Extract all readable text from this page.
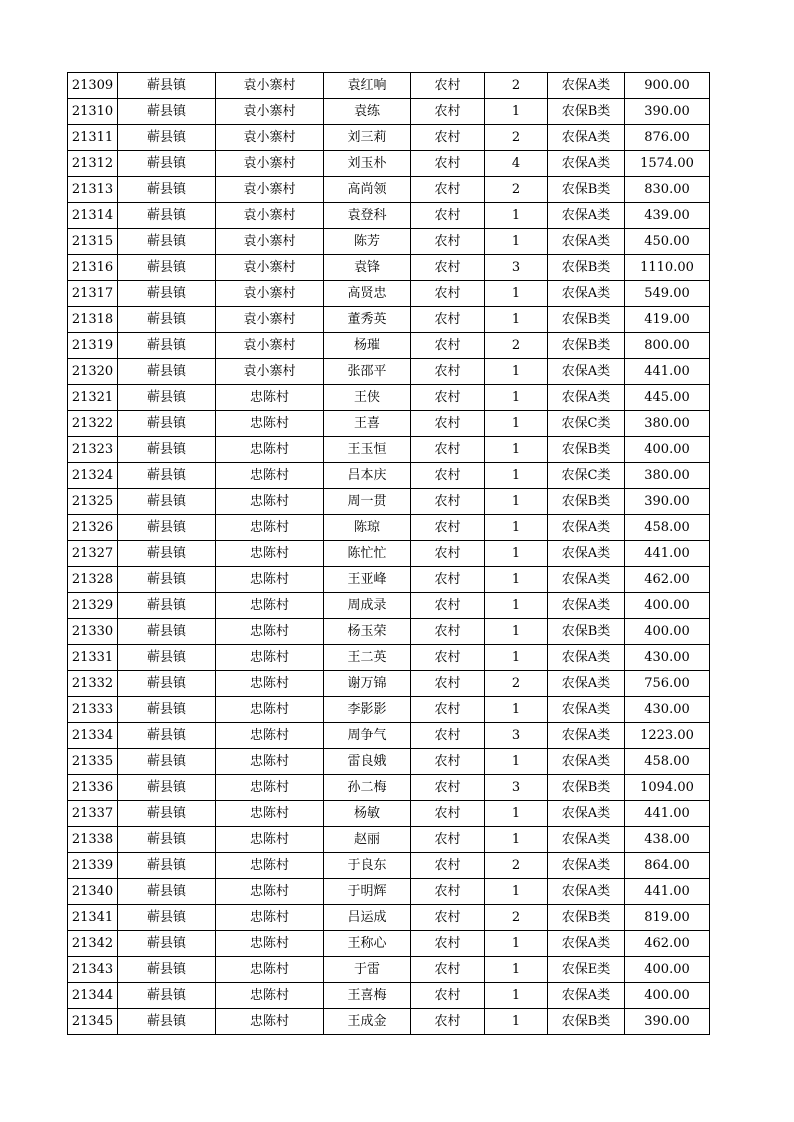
21309	蕲县镇	袁小寨村	袁红响	农村	2	农保A类	900.00
21310	蕲县镇	袁小寨村	袁练	农村	1	农保B类	390.00
21311	蕲县镇	袁小寨村	刘三莉	农村	2	农保A类	876.00
21312	蕲县镇	袁小寨村	刘玉朴	农村	4	农保A类	1574.00
21313	蕲县镇	袁小寨村	高尚领	农村	2	农保B类	830.00
21314	蕲县镇	袁小寨村	袁登科	农村	1	农保A类	439.00
21315	蕲县镇	袁小寨村	陈芳	农村	1	农保A类	450.00
21316	蕲县镇	袁小寨村	袁锋	农村	3	农保B类	1110.00
21317	蕲县镇	袁小寨村	高贤忠	农村	1	农保A类	549.00
21318	蕲县镇	袁小寨村	董秀英	农村	1	农保B类	419.00
21319	蕲县镇	袁小寨村	杨璀	农村	2	农保B类	800.00
21320	蕲县镇	袁小寨村	张邵平	农村	1	农保A类	441.00
21321	蕲县镇	忠陈村	王侠	农村	1	农保A类	445.00
21322	蕲县镇	忠陈村	王喜	农村	1	农保C类	380.00
21323	蕲县镇	忠陈村	王玉恒	农村	1	农保B类	400.00
21324	蕲县镇	忠陈村	吕本庆	农村	1	农保C类	380.00
21325	蕲县镇	忠陈村	周一贯	农村	1	农保B类	390.00
21326	蕲县镇	忠陈村	陈琼	农村	1	农保A类	458.00
21327	蕲县镇	忠陈村	陈忙忙	农村	1	农保A类	441.00
21328	蕲县镇	忠陈村	王亚峰	农村	1	农保A类	462.00
21329	蕲县镇	忠陈村	周成录	农村	1	农保A类	400.00
21330	蕲县镇	忠陈村	杨玉荣	农村	1	农保B类	400.00
21331	蕲县镇	忠陈村	王二英	农村	1	农保A类	430.00
21332	蕲县镇	忠陈村	谢万锦	农村	2	农保A类	756.00
21333	蕲县镇	忠陈村	李影影	农村	1	农保A类	430.00
21334	蕲县镇	忠陈村	周争气	农村	3	农保A类	1223.00
21335	蕲县镇	忠陈村	雷良娥	农村	1	农保A类	458.00
21336	蕲县镇	忠陈村	孙二梅	农村	3	农保B类	1094.00
21337	蕲县镇	忠陈村	杨敏	农村	1	农保A类	441.00
21338	蕲县镇	忠陈村	赵丽	农村	1	农保A类	438.00
21339	蕲县镇	忠陈村	于良东	农村	2	农保A类	864.00
21340	蕲县镇	忠陈村	于明辉	农村	1	农保A类	441.00
21341	蕲县镇	忠陈村	吕运成	农村	2	农保B类	819.00
21342	蕲县镇	忠陈村	王称心	农村	1	农保A类	462.00
21343	蕲县镇	忠陈村	于雷	农村	1	农保E类	400.00
21344	蕲县镇	忠陈村	王喜梅	农村	1	农保A类	400.00
21345	蕲县镇	忠陈村	王成金	农村	1	农保B类	390.00
